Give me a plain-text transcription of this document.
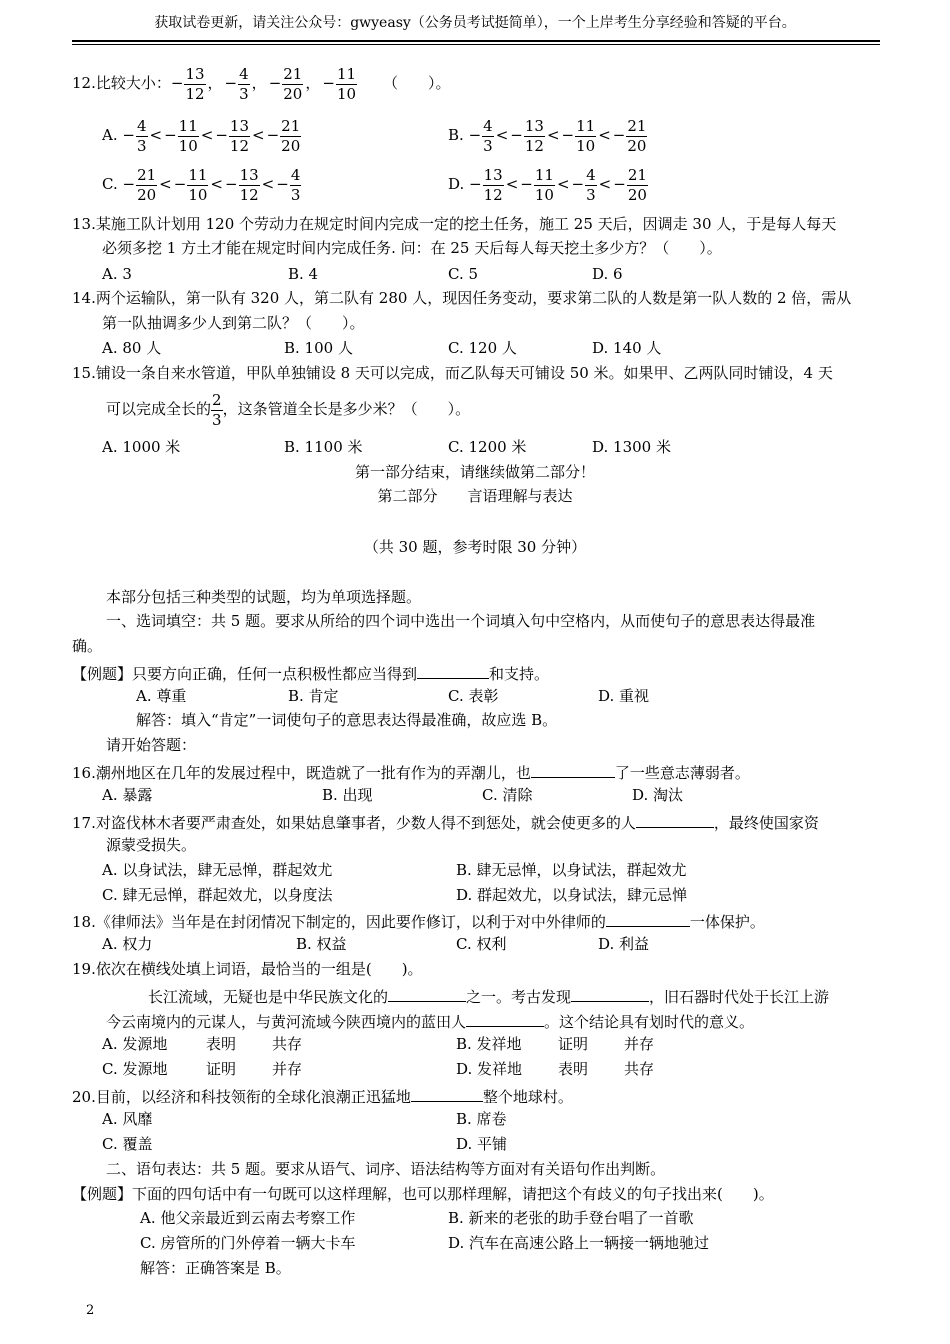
获取试卷更新，请关注公众号：gwyeasy（公务员考试挺简单），一个上岸考生分享经验和答疑的平台。
12.比较大小：− $\frac{13}{12}$ ， − $\frac{4}{3}$ ， − $\frac{21}{20}$ ， − $\frac{11}{10}$ （　　）。
A. − $\frac{4}{3}$ < − $\frac{11}{10}$ < − $\frac{13}{12}$ < − $\frac{21}{20}$	B. − $\frac{4}{3}$ < − $\frac{13}{12}$ < − $\frac{11}{10}$ < − $\frac{21}{20}$
C. − $\frac{21}{20}$ < − $\frac{11}{10}$ < − $\frac{13}{12}$ < − $\frac{4}{3}$	D. − $\frac{13}{12}$ < − $\frac{11}{10}$ < − $\frac{4}{3}$ < − $\frac{21}{20}$
13.某施工队计划用 120 个劳动力在规定时间内完成一定的挖土任务，施工 25 天后，因调走 30 人，于是每人每天
必须多挖 1 方土才能在规定时间内完成任务. 问：在 25 天后每人每天挖土多少方？（　　）。
A. 3	B. 4	C. 5	D. 6
14.两个运输队，第一队有 320 人，第二队有 280 人，现因任务变动，要求第二队的人数是第一队人数的 2 倍，需从
第一队抽调多少人到第二队？（　　）。
A. 80 人	B. 100 人	C. 120 人	D. 140 人
15.铺设一条自来水管道，甲队单独铺设 8 天可以完成，而乙队每天可铺设 50 米。如果甲、乙两队同时铺设，4 天
可以完成全长的 $\frac{2}{3}$ ，这条管道全长是多少米？（　　）。
A. 1000 米	B. 1100 米	C. 1200 米	D. 1300 米
第一部分结束，请继续做第二部分！
第二部分　　言语理解与表达
（共 30 题，参考时限 30 分钟）
本部分包括三种类型的试题，均为单项选择题。
一、选词填空：共 5 题。要求从所给的四个词中选出一个词填入句中空格内，从而使句子的意思表达得最准
确。
【例题】只要方向正确，任何一点积极性都应当得到	和支持。
A. 尊重	B. 肯定	C. 表彰	D. 重视
解答：填入“肯定”一词使句子的意思表达得最准确，故应选 B。
请开始答题：
16.潮州地区在几年的发展过程中，既造就了一批有作为的弄潮儿，也	了一些意志薄弱者。
A. 暴露	B. 出现	C. 清除	D. 淘汰
17.对盗伐林木者要严肃查处，如果姑息肇事者，少数人得不到惩处，就会使更多的人	，最终使国家资
源蒙受损失。
A. 以身试法，肆无忌惮，群起效尤	B. 肆无忌惮，以身试法，群起效尤
C. 肆无忌惮，群起效尤，以身度法	D. 群起效尤，以身试法，肆元忌惮
18.《律师法》当年是在封闭情况下制定的，因此要作修订，以利于对中外律师的	一体保护。
A. 权力	B. 权益	C. 权利	D. 利益
19.依次在横线处填上词语，最恰当的一组是(　　)。
长江流域，无疑也是中华民族文化的	之一。考古发现	，旧石器时代处于长江上游
今云南境内的元谋人，与黄河流域今陕西境内的蓝田人	。这个结论具有划时代的意义。
A. 发源地	表明 共存	B. 发祥地 证明 并存
C. 发源地	证明 并存	D. 发祥地 表明 共存
20.目前，以经济和科技领衔的全球化浪潮正迅猛地	整个地球村。
A. 风靡	B. 席卷
C. 覆盖	D. 平铺
二、语句表达：共 5 题。要求从语气、词序、语法结构等方面对有关语句作出判断。
【例题】下面的四句话中有一句既可以这样理解，也可以那样理解，请把这个有歧义的句子找出来(　　)。
A. 他父亲最近到云南去考察工作	B. 新来的老张的助手登台唱了一首歌
C. 房管所的门外停着一辆大卡车	D. 汽车在高速公路上一辆接一辆地驰过
解答：正确答案是 B。
2
